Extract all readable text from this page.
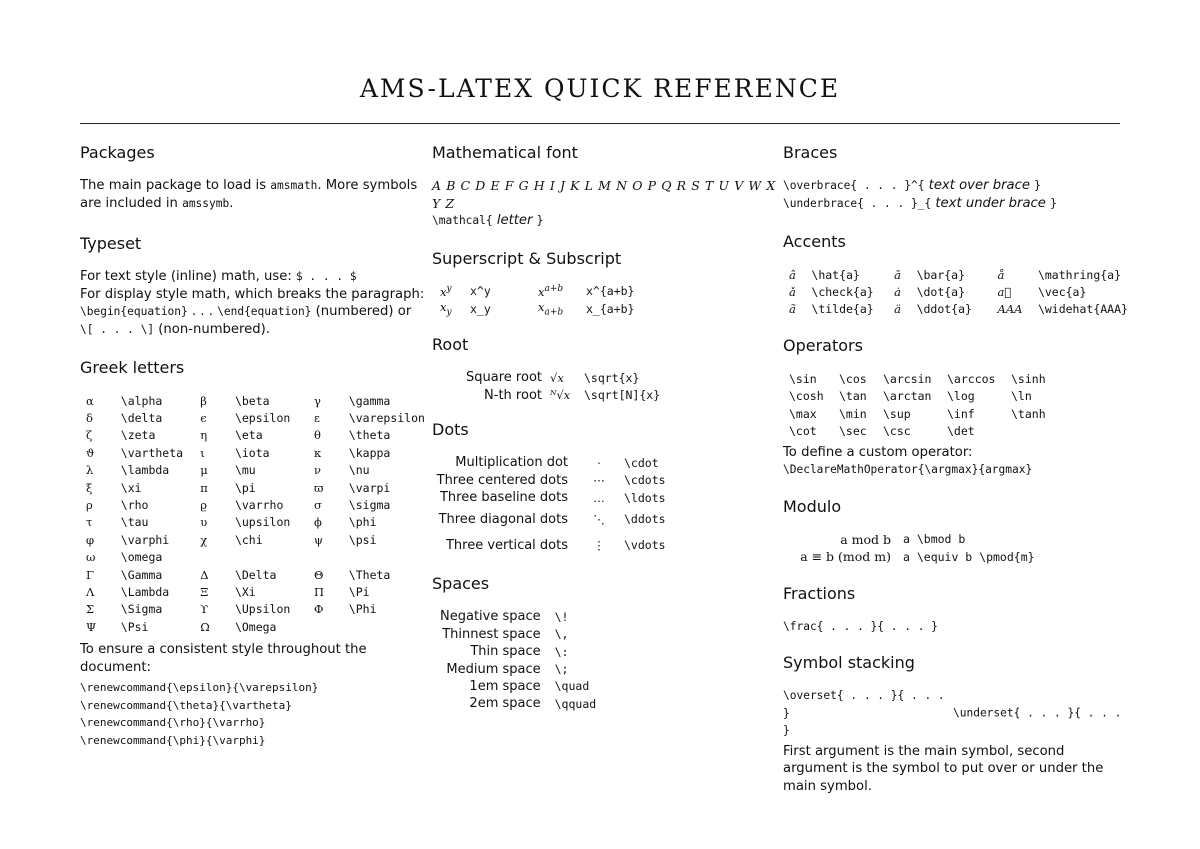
AMS-LATEX QUICK REFERENCE
Packages

The main package to load is amsmath. More symbols are included in amssymb.

Typeset

For text style (inline) math, use: $ . . . $

For display style math, which breaks the paragraph:

\begin{equation} . . . \end{equation} (numbered) or

\[ . . . \] (non-numbered).

Greek letters
α	\alpha	β	\beta	γ	\gamma
δ	\delta	ϵ	\epsilon	ε	\varepsilon
ζ	\zeta	η	\eta	θ	\theta
ϑ	\vartheta	ι	\iota	κ	\kappa
λ	\lambda	μ	\mu	ν	\nu
ξ	\xi	π	\pi	ϖ	\varpi
ρ	\rho	ϱ	\varrho	σ	\sigma
τ	\tau	υ	\upsilon	ϕ	\phi
φ	\varphi	χ	\chi	ψ	\psi
ω	\omega				
Γ	\Gamma	Δ	\Delta	Θ	\Theta
Λ	\Lambda	Ξ	\Xi	Π	\Pi
Σ	\Sigma	ϒ	\Upsilon	Φ	\Phi
Ψ	\Psi	Ω	\Omega		

To ensure a consistent style throughout the document:

\renewcommand{\epsilon}{\varepsilon}
\renewcommand{\theta}{\vartheta}
\renewcommand{\rho}{\varrho}
\renewcommand{\phi}{\varphi}
Mathematical font

A B C D E F G H I J K L M N O P Q R S T U V W X Y Z

\mathcal{ letter }

Superscript & Subscript
$x^y$	x^y	$x^{a+b}$	x^{a+b}
$x_y$	x_y	$x_{a+b}$	x_{a+b}
Root
Square root	√x	\sqrt{x}
N-th root	ᴺ√x	\sqrt[N]{x}
Dots
Multiplication dot	·	\cdot
Three centered dots	⋯	\cdots
Three baseline dots	…	\ldots
Three diagonal dots	⋱	\ddots
Three vertical dots	⋮	\vdots
Spaces
Negative space	\!
Thinnest space	\,
Thin space	\:
Medium space	\;
1em space	\quad
2em space	\qquad
Braces

\overbrace{ . . . }^{ text over brace }

\underbrace{ . . . }_{ text under brace }

Accents
â	\hat{a}	ā	\bar{a}	å	\mathring{a}
ǎ	\check{a}	ȧ	\dot{a}	a⃗	\vec{a}
ã	\tilde{a}	ä	\ddot{a}	AAA	\widehat{AAA}
Operators
\sin	\cos	\arcsin	\arccos	\sinh
\cosh	\tan	\arctan	\log	\ln
\max	\min	\sup	\inf	\tanh
\cot	\sec	\csc	\det	

To define a custom operator:

\DeclareMathOperator{\argmax}{argmax}

Modulo
a mod b	a \bmod b
a ≡ b (mod m)	a \equiv b \pmod{m}
Fractions

\frac{ . . . }{ . . . }

Symbol stacking

\overset{ . . . }{ . . . }	\underset{ . . . }{ . . . }

First argument is the main symbol, second argument is the symbol to put over or under the main symbol.
